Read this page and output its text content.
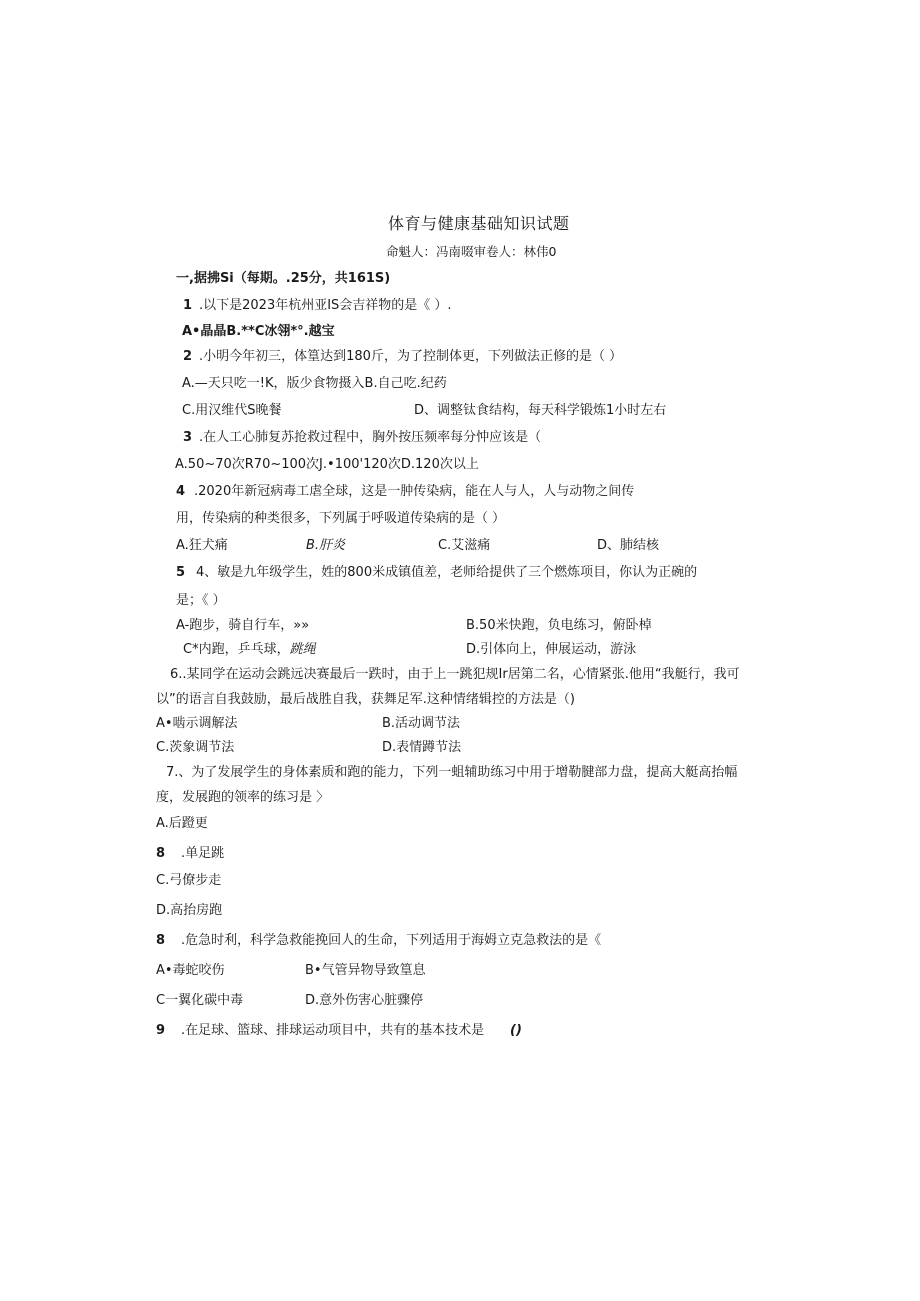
体育与健康基础知识试题
命魁人：冯南啜审卷人：林伟0
一,据拂Si（每期。.25分，共161S)
1 .以下是2023年杭州亚IS会吉祥物的是《 ）.
A•晶晶B.**C冰翎*°.越宝
2 .小明今年初三，体篁达到180斤，为了控制体更，下列做法正修的是（ ）
A.—天只吃一!K，版少食物摄入B.自己吃.纪药
C.用汉维代S晚餐	D、调整钛食结构，每天科学锻炼1小时左右
3 .在人工心肺复苏抢救过程中，胸外按压频率每分忡应该是（
A.50~70次R70~100次J.•100'120次D.120次以上
4 .2020年新冠病毒工虐全球，这是一肿传染病，能在人与人，人与动物之间传
用，传染病的种类很多，下列属于呼吸道传染病的是（ ）
A.狂犬痛	B.肝炎	C.艾滋痛	D、肺结核
5 4、敏是九年级学生，姓的800米成镇值差，老师给提供了三个燃炼项目，你认为正碗的
是；《 ）
A-跑步，骑自行车，»»	B.50米快跑，负电练习，俯卧棹
C*内跑，乒乓球，跳绳	D.引体向上，伸展运动，游泳
6..某同学在运动会跳远决赛最后一跌时，由于上一跳犯规Ir居第二名，心情紧张.他用“我艇行，我可
以”的语言自我鼓励，最后战胜自我，获舞足军.这种情绪辑控的方法是（)
A•啮示调解法	B.活动调节法
C.茨象调节法	D.表情蹲节法
7.、为了发展学生的身体素质和跑的能力，下列一蛆辅助练习中用于增勒腱部力盘，提高大艇高抬幅
度，发展跑的领率的练习是 〉
A.后蹬更
8 .单足跳
C.弓僚步走
D.高抬房跑
8 .危急时利，科学急救能挽回人的生命，下列适用于海姆立克急救法的是《
A•毒蛇咬伤	B•气管异物导致篁息
C一翼化碳中毒	D.意外伤害心脏骤停
9 .在足球、篮球、排球运动项目中，共有的基本技术是 ()
